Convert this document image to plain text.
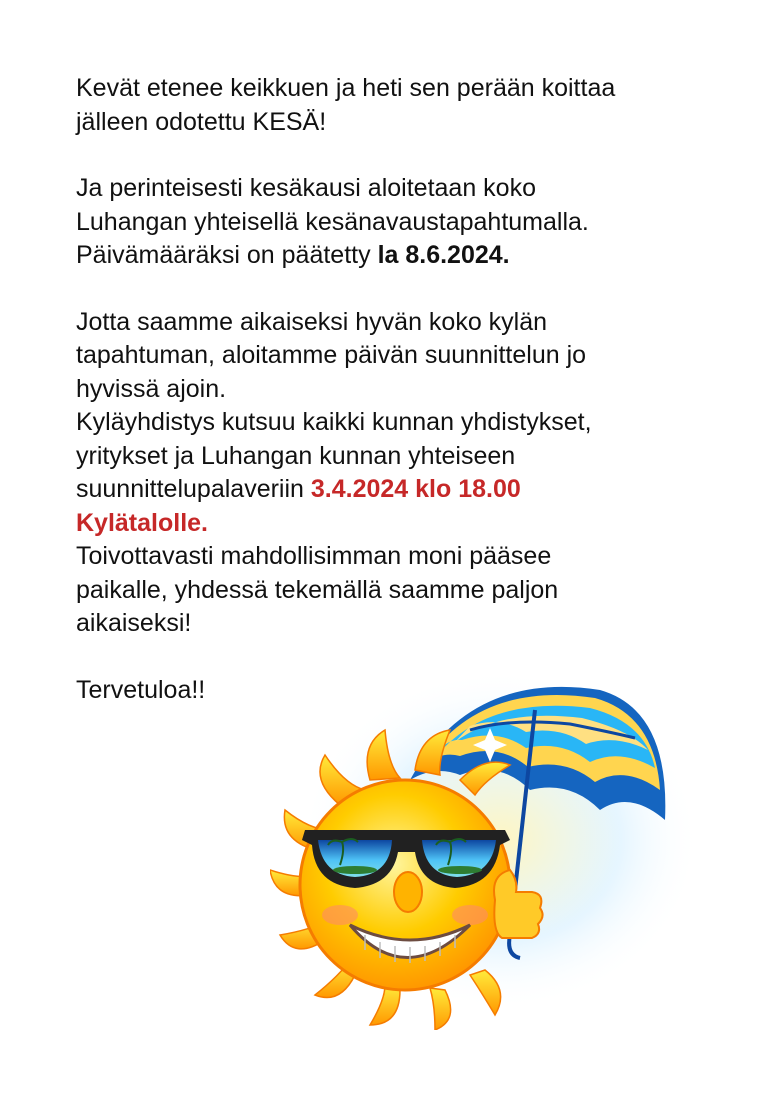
Kevät etenee keikkuen ja heti sen perään koittaa
jälleen odotettu KESÄ!

Ja perinteisesti kesäkausi aloitetaan koko
Luhangan yhteisellä kesänavaustapahtumalla.
Päivämääräksi on päätetty la 8.6.2024.

Jotta saamme aikaiseksi hyvän koko kylän
tapahtuman, aloitamme päivän suunnittelun jo
hyvissä ajoin.
Kyläyhdistys kutsuu kaikki kunnan yhdistykset,
yritykset ja Luhangan kunnan yhteiseen
suunnittelupalaveriin 3.4.2024 klo 18.00
Kylätalolle.
Toivottavasti mahdollisimman moni pääsee
paikalle, yhdessä tekemällä saamme paljon
aikaiseksi!

Tervetuloa!!
